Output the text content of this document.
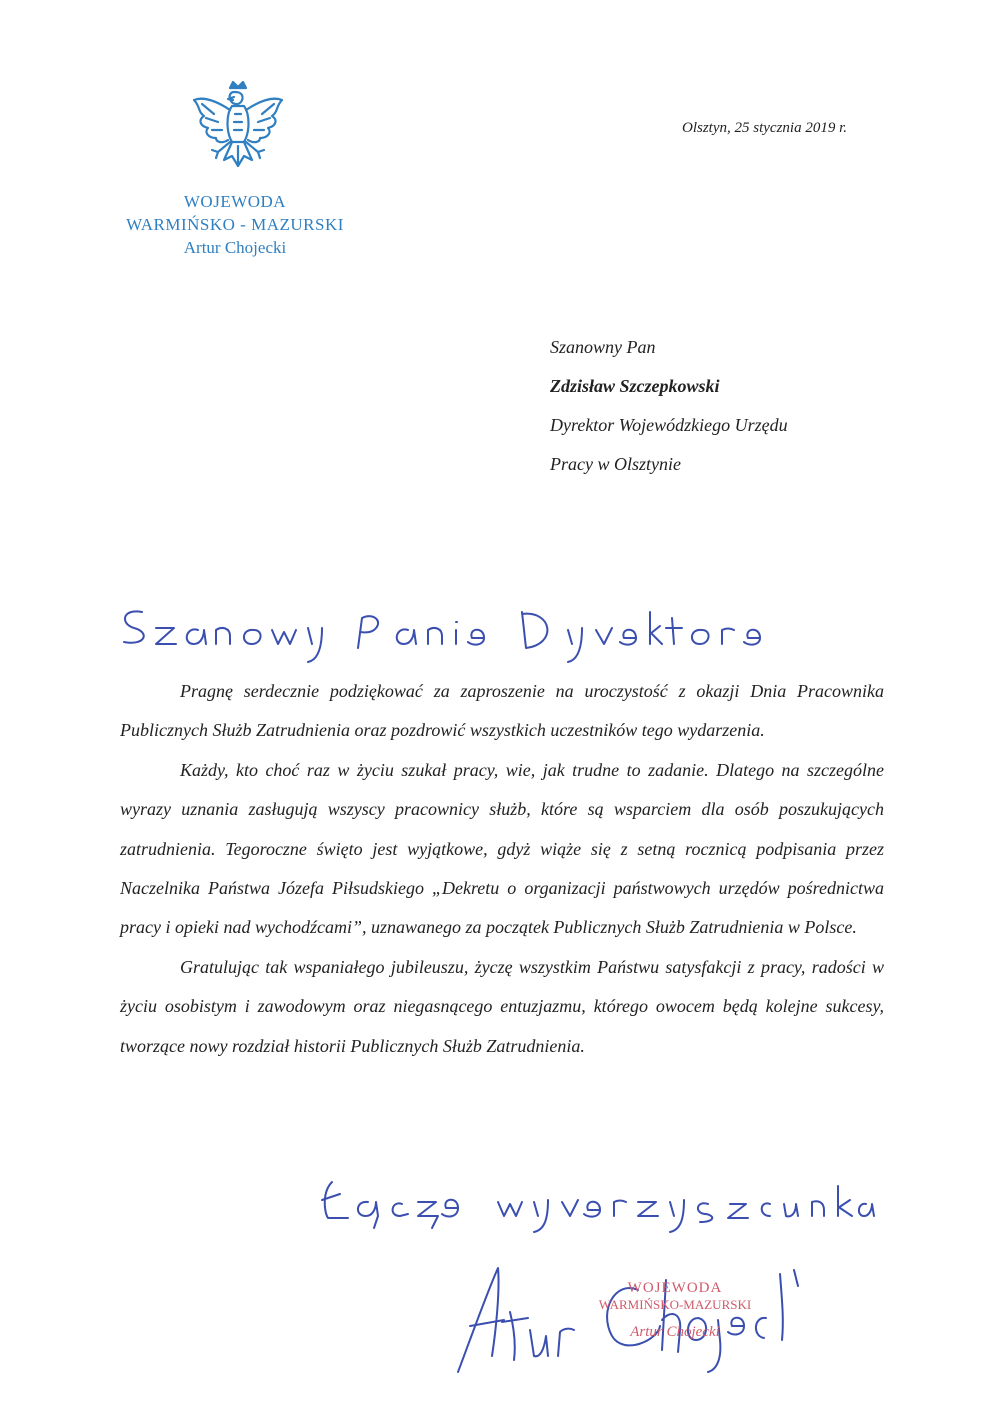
WOJEWODA
WARMIŃSKO - MAZURSKI
Artur Chojecki
Olsztyn, 25 stycznia 2019 r.
Szanowny Pan
Zdzisław Szczepkowski
Dyrektor Wojewódzkiego Urzędu
Pracy w Olsztynie

Pragnę serdecznie podziękować za zaproszenie na uroczystość z okazji Dnia Pracownika Publicznych Służb Zatrudnienia oraz pozdrowić wszystkich uczestników tego wydarzenia.

Każdy, kto choć raz w życiu szukał pracy, wie, jak trudne to zadanie. Dlatego na szczególne wyrazy uznania zasługują wszyscy pracownicy służb, które są wsparciem dla osób poszukujących zatrudnienia. Tegoroczne święto jest wyjątkowe, gdyż wiąże się z setną rocznicą podpisania przez Naczelnika Państwa Józefa Piłsudskiego „Dekretu o organizacji państwowych urzędów pośrednictwa pracy i opieki nad wychodźcami”, uznawanego za początek Publicznych Służb Zatrudnienia w Polsce.

Gratulując tak wspaniałego jubileuszu, życzę wszystkim Państwu satysfakcji z pracy, radości w życiu osobistym i zawodowym oraz niegasnącego entuzjazmu, którego owocem będą kolejne sukcesy, tworzące nowy rozdział historii Publicznych Służb Zatrudnienia.

WOJEWODA
WARMIŃSKO-MAZURSKI
Artur Chojecki
